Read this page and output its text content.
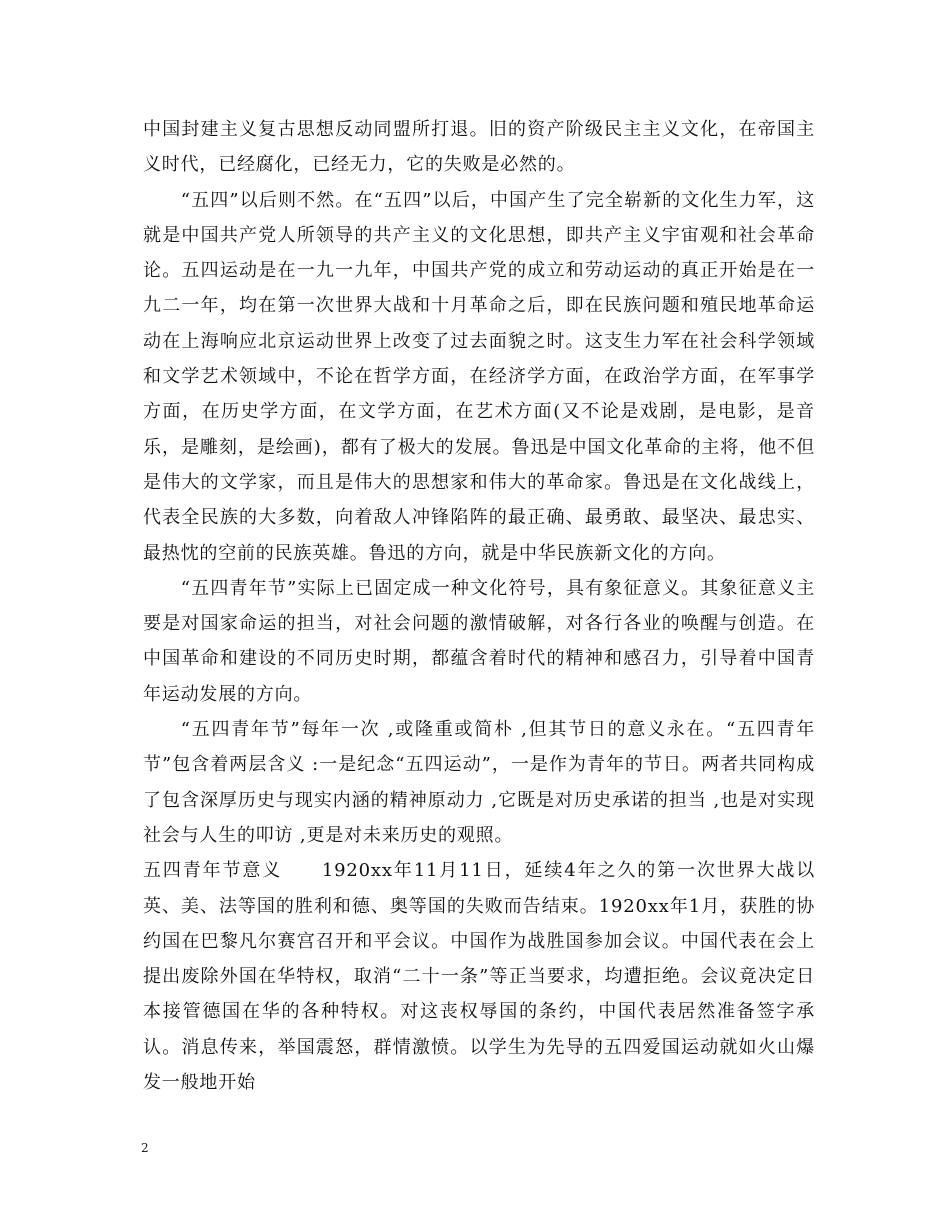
中国封建主义复古思想反动同盟所打退。旧的资产阶级民主主义文化，在帝国主义时代，已经腐化，已经无力，它的失败是必然的。

“五四”以后则不然。在“五四”以后，中国产生了完全崭新的文化生力军，这就是中国共产党人所领导的共产主义的文化思想，即共产主义宇宙观和社会革命论。五四运动是在一九一九年，中国共产党的成立和劳动运动的真正开始是在一九二一年，均在第一次世界大战和十月革命之后，即在民族问题和殖民地革命运动在上海响应北京运动世界上改变了过去面貌之时。这支生力军在社会科学领域和文学艺术领域中，不论在哲学方面，在经济学方面，在政治学方面，在军事学方面，在历史学方面，在文学方面，在艺术方面(又不论是戏剧，是电影，是音乐，是雕刻，是绘画)，都有了极大的发展。鲁迅是中国文化革命的主将，他不但是伟大的文学家，而且是伟大的思想家和伟大的革命家。鲁迅是在文化战线上，代表全民族的大多数，向着敌人冲锋陷阵的最正确、最勇敢、最坚决、最忠实、最热忱的空前的民族英雄。鲁迅的方向，就是中华民族新文化的方向。

“五四青年节”实际上已固定成一种文化符号，具有象征意义。其象征意义主要是对国家命运的担当，对社会问题的激情破解，对各行各业的唤醒与创造。在中国革命和建设的不同历史时期，都蕴含着时代的精神和感召力，引导着中国青年运动发展的方向。

“五四青年节”每年一次 ,或隆重或简朴 ,但其节日的意义永在。“五四青年节”包含着两层含义 :一是纪念“五四运动”，一是作为青年的节日。两者共同构成了包含深厚历史与现实内涵的精神原动力 ,它既是对历史承诺的担当 ,也是对实现社会与人生的叩访 ,更是对未来历史的观照。

五四青年节意义　　1920xx年11月11日，延续4年之久的第一次世界大战以英、美、法等国的胜利和德、奥等国的失败而告结束。1920xx年1月，获胜的协约国在巴黎凡尔赛宫召开和平会议。中国作为战胜国参加会议。中国代表在会上提出废除外国在华特权，取消“二十一条”等正当要求，均遭拒绝。会议竟决定日本接管德国在华的各种特权。对这丧权辱国的条约，中国代表居然准备签字承认。消息传来，举国震怒，群情激愤。以学生为先导的五四爱国运动就如火山爆发一般地开始

2
